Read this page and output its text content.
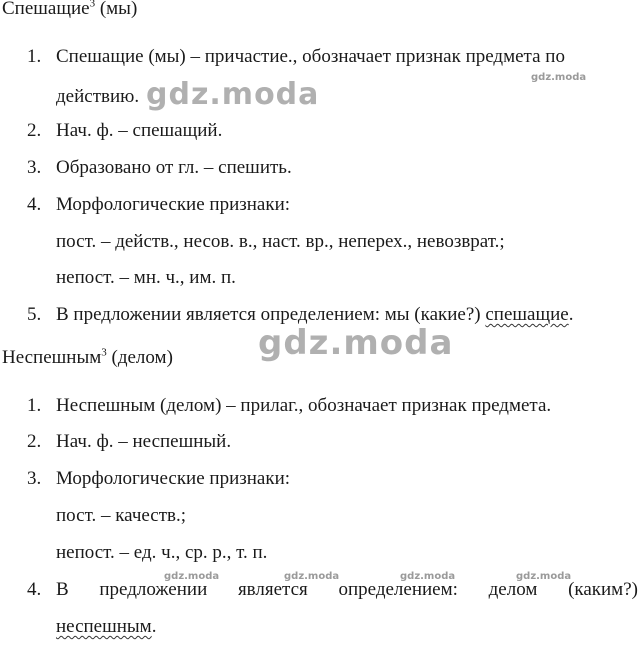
Спешащие$^3$ (мы)
1. Спешащие (мы) – причастие., обозначает признак предмета по
действию.
2. Нач. ф. – спешащий.
3. Образовано от гл. – спешить.
4. Морфологические признаки:
пост. – действ., несов. в., наст. вр., неперех., невозврат.;
непост. – мн. ч., им. п.
5. В предложении является определением: мы (какие?) спешащие.
Неспешным$^3$ (делом)
1. Неспешным (делом) – прилаг., обозначает признак предмета.
2. Нач. ф. – неспешный.
3. Морфологические признаки:
пост. – качеств.;
непост. – ед. ч., ср. р., т. п.
4. В предложении является определением: делом (каким?)
неспешным.
gdz.moda
gdz.moda
gdz.moda
gdz.moda	gdz.moda	gdz.moda	gdz.moda
